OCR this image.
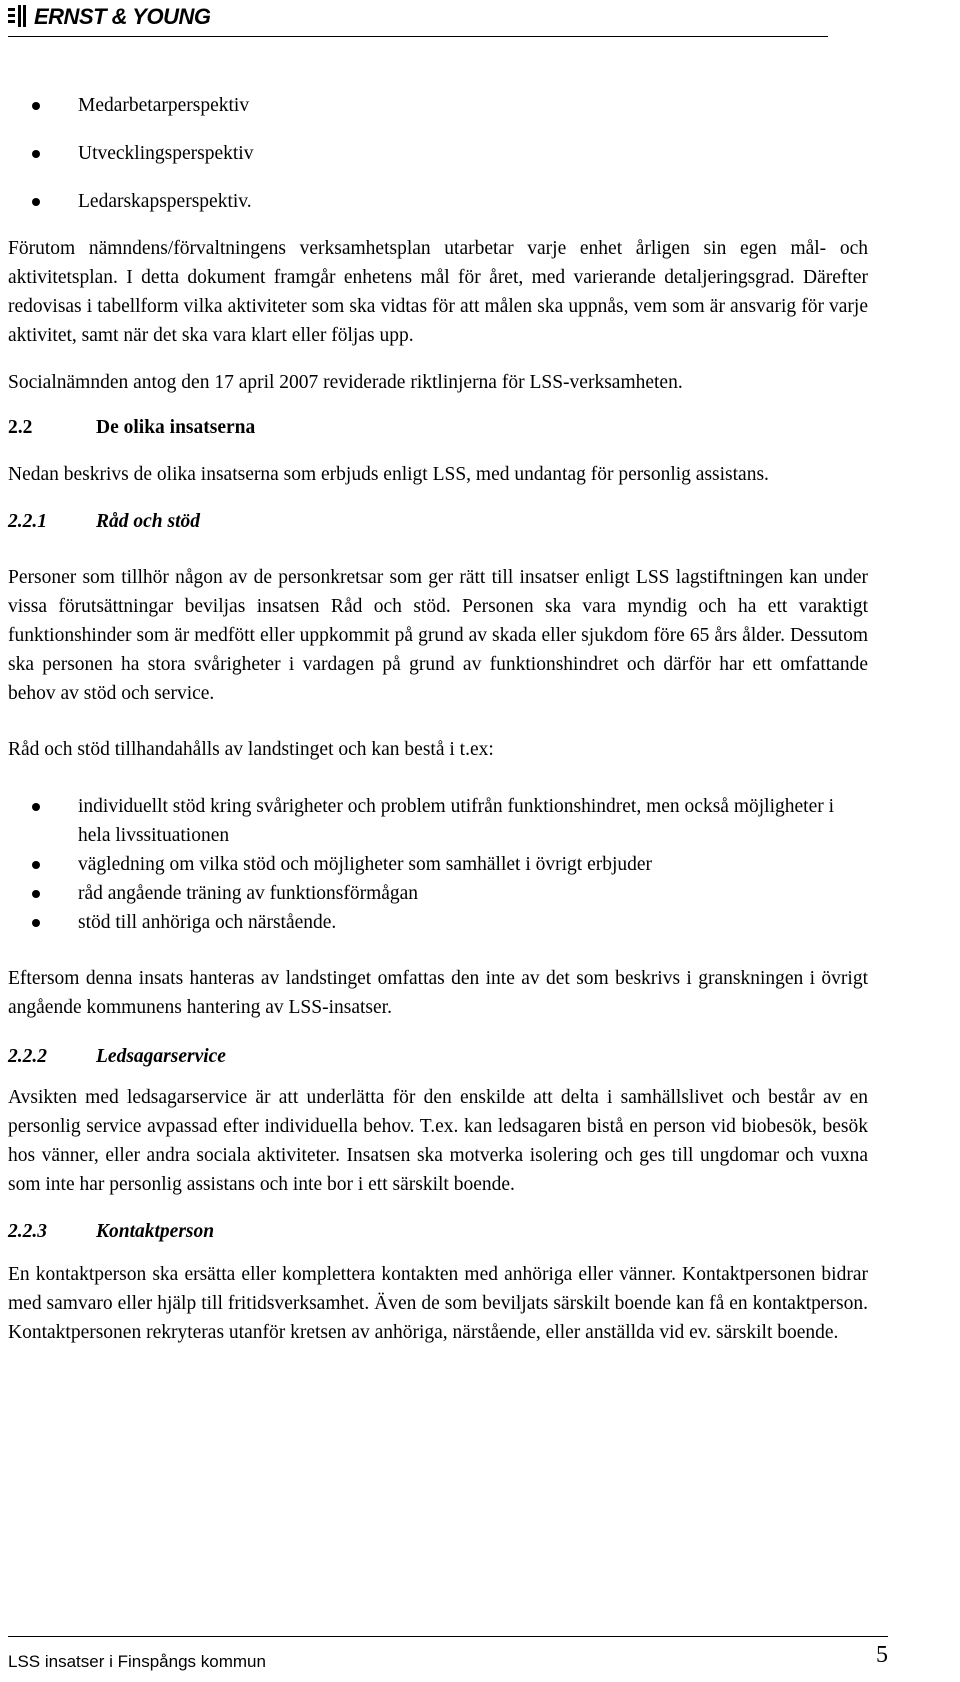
ERNST & YOUNG
Medarbetarperspektiv
Utvecklingsperspektiv
Ledarskapsperspektiv.

Förutom nämndens/förvaltningens verksamhetsplan utarbetar varje enhet årligen sin egen mål- och aktivitetsplan. I detta dokument framgår enhetens mål för året, med varierande detaljeringsgrad. Därefter redovisas i tabellform vilka aktiviteter som ska vidtas för att målen ska uppnås, vem som är ansvarig för varje aktivitet, samt när det ska vara klart eller följas upp.

Socialnämnden antog den 17 april 2007 reviderade riktlinjerna för LSS-verksamheten.

2.2	De olika insatserna

Nedan beskrivs de olika insatserna som erbjuds enligt LSS, med undantag för personlig assistans.

2.2.1	Råd och stöd

Personer som tillhör någon av de personkretsar som ger rätt till insatser enligt LSS lagstiftningen kan under vissa förutsättningar beviljas insatsen Råd och stöd. Personen ska vara myndig och ha ett varaktigt funktionshinder som är medfött eller uppkommit på grund av skada eller sjukdom före 65 års ålder. Dessutom ska personen ha stora svårigheter i vardagen på grund av funktionshindret och därför har ett omfattande behov av stöd och service.

Råd och stöd tillhandahålls av landstinget och kan bestå i t.ex:

individuellt stöd kring svårigheter och problem utifrån funktionshindret, men också möjligheter i hela livssituationen
vägledning om vilka stöd och möjligheter som samhället i övrigt erbjuder
råd angående träning av funktionsförmågan
stöd till anhöriga och närstående.

Eftersom denna insats hanteras av landstinget omfattas den inte av det som beskrivs i granskningen i övrigt angående kommunens hantering av LSS-insatser.

2.2.2	Ledsagarservice

Avsikten med ledsagarservice är att underlätta för den enskilde att delta i samhällslivet och består av en personlig service avpassad efter individuella behov. T.ex. kan ledsagaren bistå en person vid biobesök, besök hos vänner, eller andra sociala aktiviteter. Insatsen ska motverka isolering och ges till ungdomar och vuxna som inte har personlig assistans och inte bor i ett särskilt boende.

2.2.3	Kontaktperson

En kontaktperson ska ersätta eller komplettera kontakten med anhöriga eller vänner. Kontaktpersonen bidrar med samvaro eller hjälp till fritidsverksamhet. Även de som beviljats särskilt boende kan få en kontaktperson. Kontaktpersonen rekryteras utanför kretsen av anhöriga, närstående, eller anställda vid ev. särskilt boende.

LSS insatser i Finspångs kommun	5
